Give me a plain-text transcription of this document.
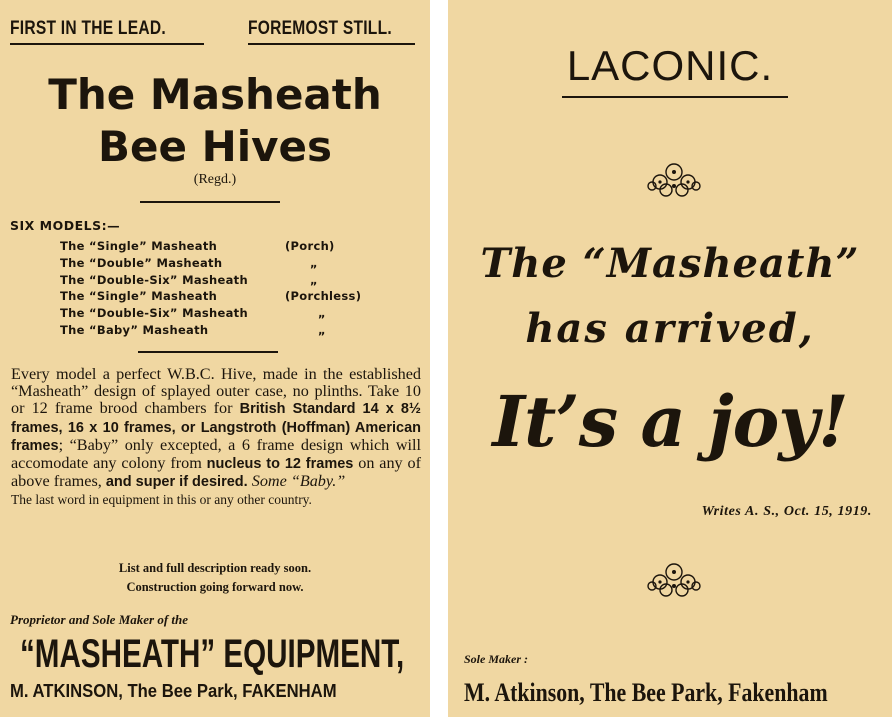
FIRST IN THE LEAD.	FOREMOST STILL.
The Masheath
Bee Hives
(Regd.)
SIX MODELS:—
The “Single” Masheath	(Porch)
The “Double” Masheath	„
The “Double-Six” Masheath	„
The “Single” Masheath	(Porchless)
The “Double-Six” Masheath	„
The “Baby” Masheath	„
Every model a perfect W.B.C. Hive, made in the established “Masheath” design of splayed outer case, no plinths. Take 10 or 12 frame brood chambers for British Standard 14 x 8½ frames, 16 x 10 frames, or Langstroth (Hoffman) American frames; “Baby” only excepted, a 6 frame design which will accomodate any colony from nucleus to 12 frames on any of above frames, and super if desired. Some “Baby.”
The last word in equipment in this or any other country.
List and full description ready soon.
Construction going forward now.
Proprietor and Sole Maker of the
“MASHEATH” EQUIPMENT,
M. ATKINSON, The Bee Park, FAKENHAM
LACONIC.
The “Masheath”
has arrived,
It’s a joy!
Writes A. S., Oct. 15, 1919.
Sole Maker :
M. Atkinson, The Bee Park, Fakenham
